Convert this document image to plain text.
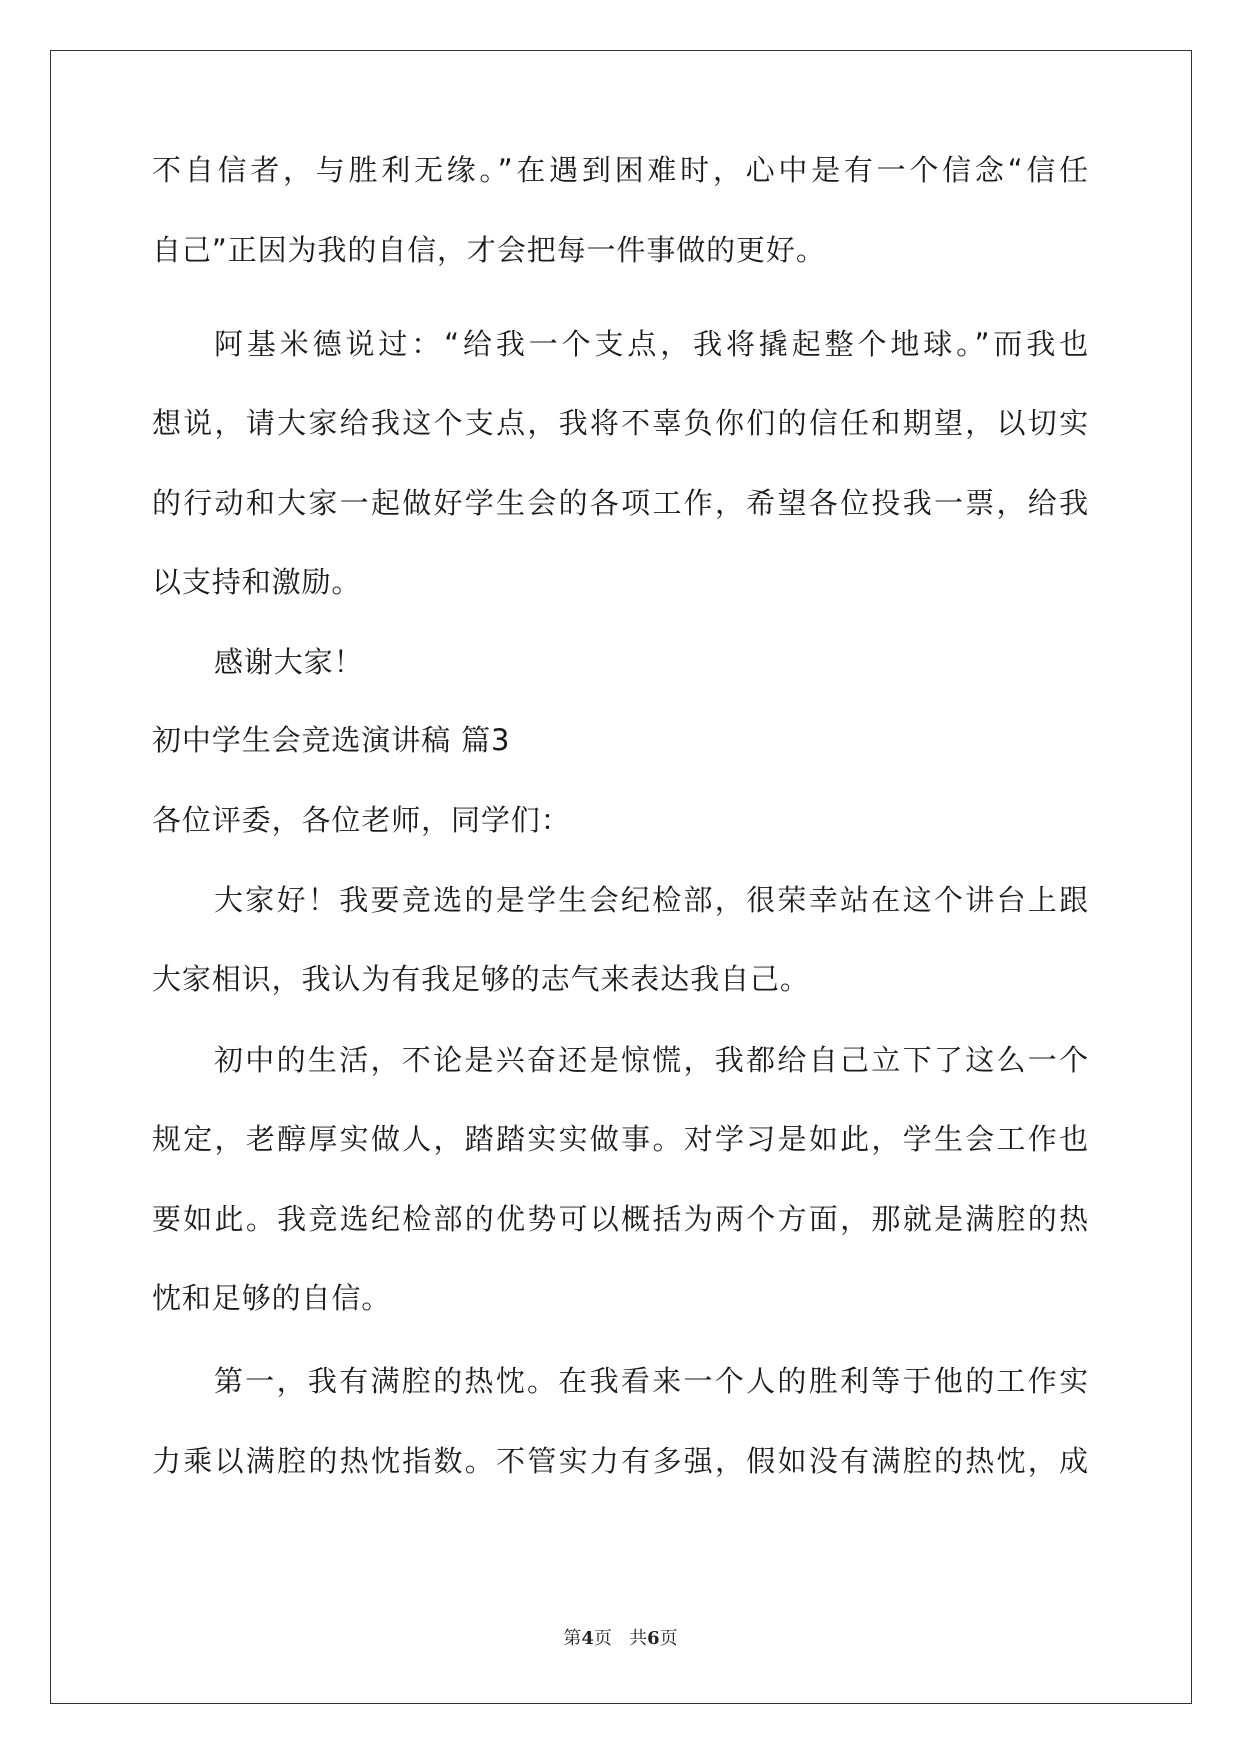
不自信者，与胜利无缘。”在遇到困难时，心中是有一个信念“信任
自己”正因为我的自信，才会把每一件事做的更好。
阿基米德说过：“给我一个支点，我将撬起整个地球。”而我也
想说，请大家给我这个支点，我将不辜负你们的信任和期望，以切实
的行动和大家一起做好学生会的各项工作，希望各位投我一票，给我
以支持和激励。
感谢大家！
初中学生会竞选演讲稿 篇3
各位评委，各位老师，同学们：
大家好！我要竞选的是学生会纪检部，很荣幸站在这个讲台上跟
大家相识，我认为有我足够的志气来表达我自己。
初中的生活，不论是兴奋还是惊慌，我都给自己立下了这么一个
规定，老醇厚实做人，踏踏实实做事。对学习是如此，学生会工作也
要如此。我竞选纪检部的优势可以概括为两个方面，那就是满腔的热
忱和足够的自信。
第一，我有满腔的热忱。在我看来一个人的胜利等于他的工作实
力乘以满腔的热忱指数。不管实力有多强，假如没有满腔的热忱，成
第4页   共6页
